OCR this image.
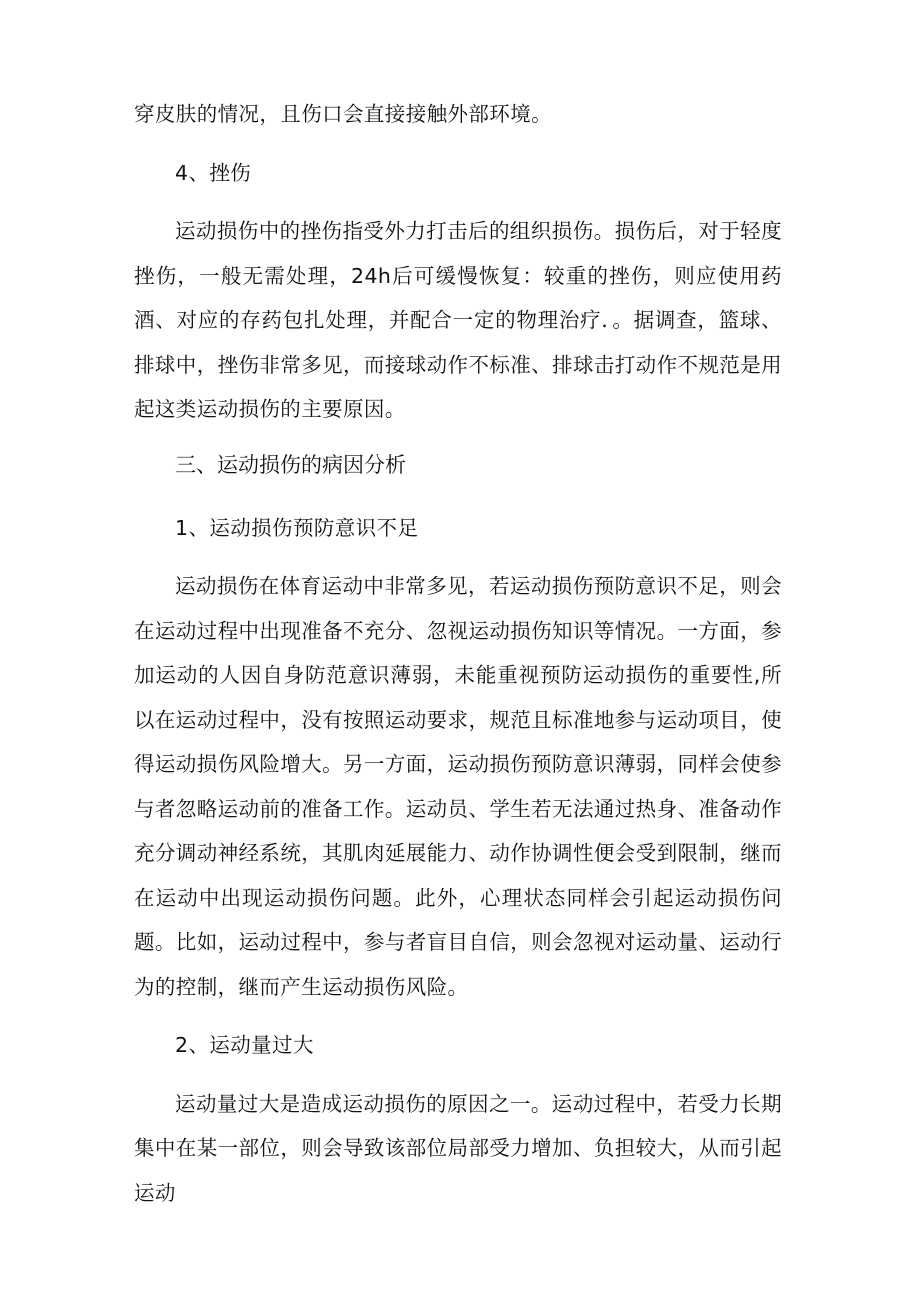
穿皮肤的情况，且伤口会直接接触外部环境。

4、挫伤

运动损伤中的挫伤指受外力打击后的组织损伤。损伤后，对于轻度挫伤，一般无需处理，24h后可缓慢恢复：较重的挫伤，则应使用药酒、对应的存药包扎处理，并配合一定的物理治疗．。据调查，篮球、排球中，挫伤非常多见，而接球动作不标准、排球击打动作不规范是用起这类运动损伤的主要原因。

三、运动损伤的病因分析

1、运动损伤预防意识不足

运动损伤在体育运动中非常多见，若运动损伤预防意识不足，则会在运动过程中出现准备不充分、忽视运动损伤知识等情况。一方面，参加运动的人因自身防范意识薄弱，未能重视预防运动损伤的重要性,所以在运动过程中，没有按照运动要求，规范且标准地参与运动项目，使得运动损伤风险增大。另一方面，运动损伤预防意识薄弱，同样会使参与者忽略运动前的准备工作。运动员、学生若无法通过热身、准备动作充分调动神经系统，其肌肉延展能力、动作协调性便会受到限制，继而在运动中出现运动损伤问题。此外，心理状态同样会引起运动损伤问题。比如，运动过程中，参与者盲目自信，则会忽视对运动量、运动行为的控制，继而产生运动损伤风险。

2、运动量过大

运动量过大是造成运动损伤的原因之一。运动过程中，若受力长期集中在某一部位，则会导致该部位局部受力增加、负担较大，从而引起运动
